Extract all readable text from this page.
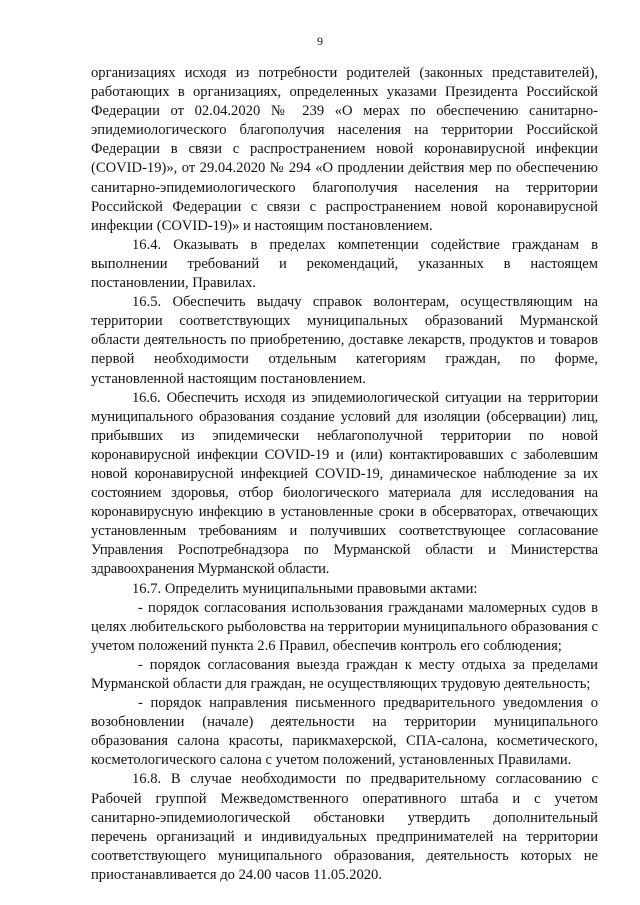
9

организациях исходя из потребности родителей (законных представителей), работающих в организациях, определенных указами Президента Российской Федерации от 02.04.2020 № 239 «О мерах по обеспечению санитарно-эпидемиологического благополучия населения на территории Российской Федерации в связи с распространением новой коронавирусной инфекции (COVID-19)», от 29.04.2020 № 294 «О продлении действия мер по обеспечению санитарно-эпидемиологического благополучия населения на территории Российской Федерации с связи с распространением новой коронавирусной инфекции (COVID-19)» и настоящим постановлением.

16.4. Оказывать в пределах компетенции содействие гражданам в выполнении требований и рекомендаций, указанных в настоящем постановлении, Правилах.

16.5. Обеспечить выдачу справок волонтерам, осуществляющим на территории соответствующих муниципальных образований Мурманской области деятельность по приобретению, доставке лекарств, продуктов и товаров первой необходимости отдельным категориям граждан, по форме, установленной настоящим постановлением.

16.6. Обеспечить исходя из эпидемиологической ситуации на территории муниципального образования создание условий для изоляции (обсервации) лиц, прибывших из эпидемически неблагополучной территории по новой коронавирусной инфекции COVID-19 и (или) контактировавших с заболевшим новой коронавирусной инфекцией COVID-19, динамическое наблюдение за их состоянием здоровья, отбор биологического материала для исследования на коронавирусную инфекцию в установленные сроки в обсерваторах, отвечающих установленным требованиям и получивших соответствующее согласование Управления Роспотребнадзора по Мурманской области и Министерства здравоохранения Мурманской области.

16.7. Определить муниципальными правовыми актами:

- порядок согласования использования гражданами маломерных судов в целях любительского рыболовства на территории муниципального образования с учетом положений пункта 2.6 Правил, обеспечив контроль его соблюдения;

- порядок согласования выезда граждан к месту отдыха за пределами Мурманской области для граждан, не осуществляющих трудовую деятельность;

- порядок направления письменного предварительного уведомления о возобновлении (начале) деятельности на территории муниципального образования салона красоты, парикмахерской, СПА-салона, косметического, косметологического салона с учетом положений, установленных Правилами.

16.8. В случае необходимости по предварительному согласованию с Рабочей группой Межведомственного оперативного штаба и с учетом санитарно-эпидемиологической обстановки утвердить дополнительный перечень организаций и индивидуальных предпринимателей на территории соответствующего муниципального образования, деятельность которых не приостанавливается до 24.00 часов 11.05.2020.
